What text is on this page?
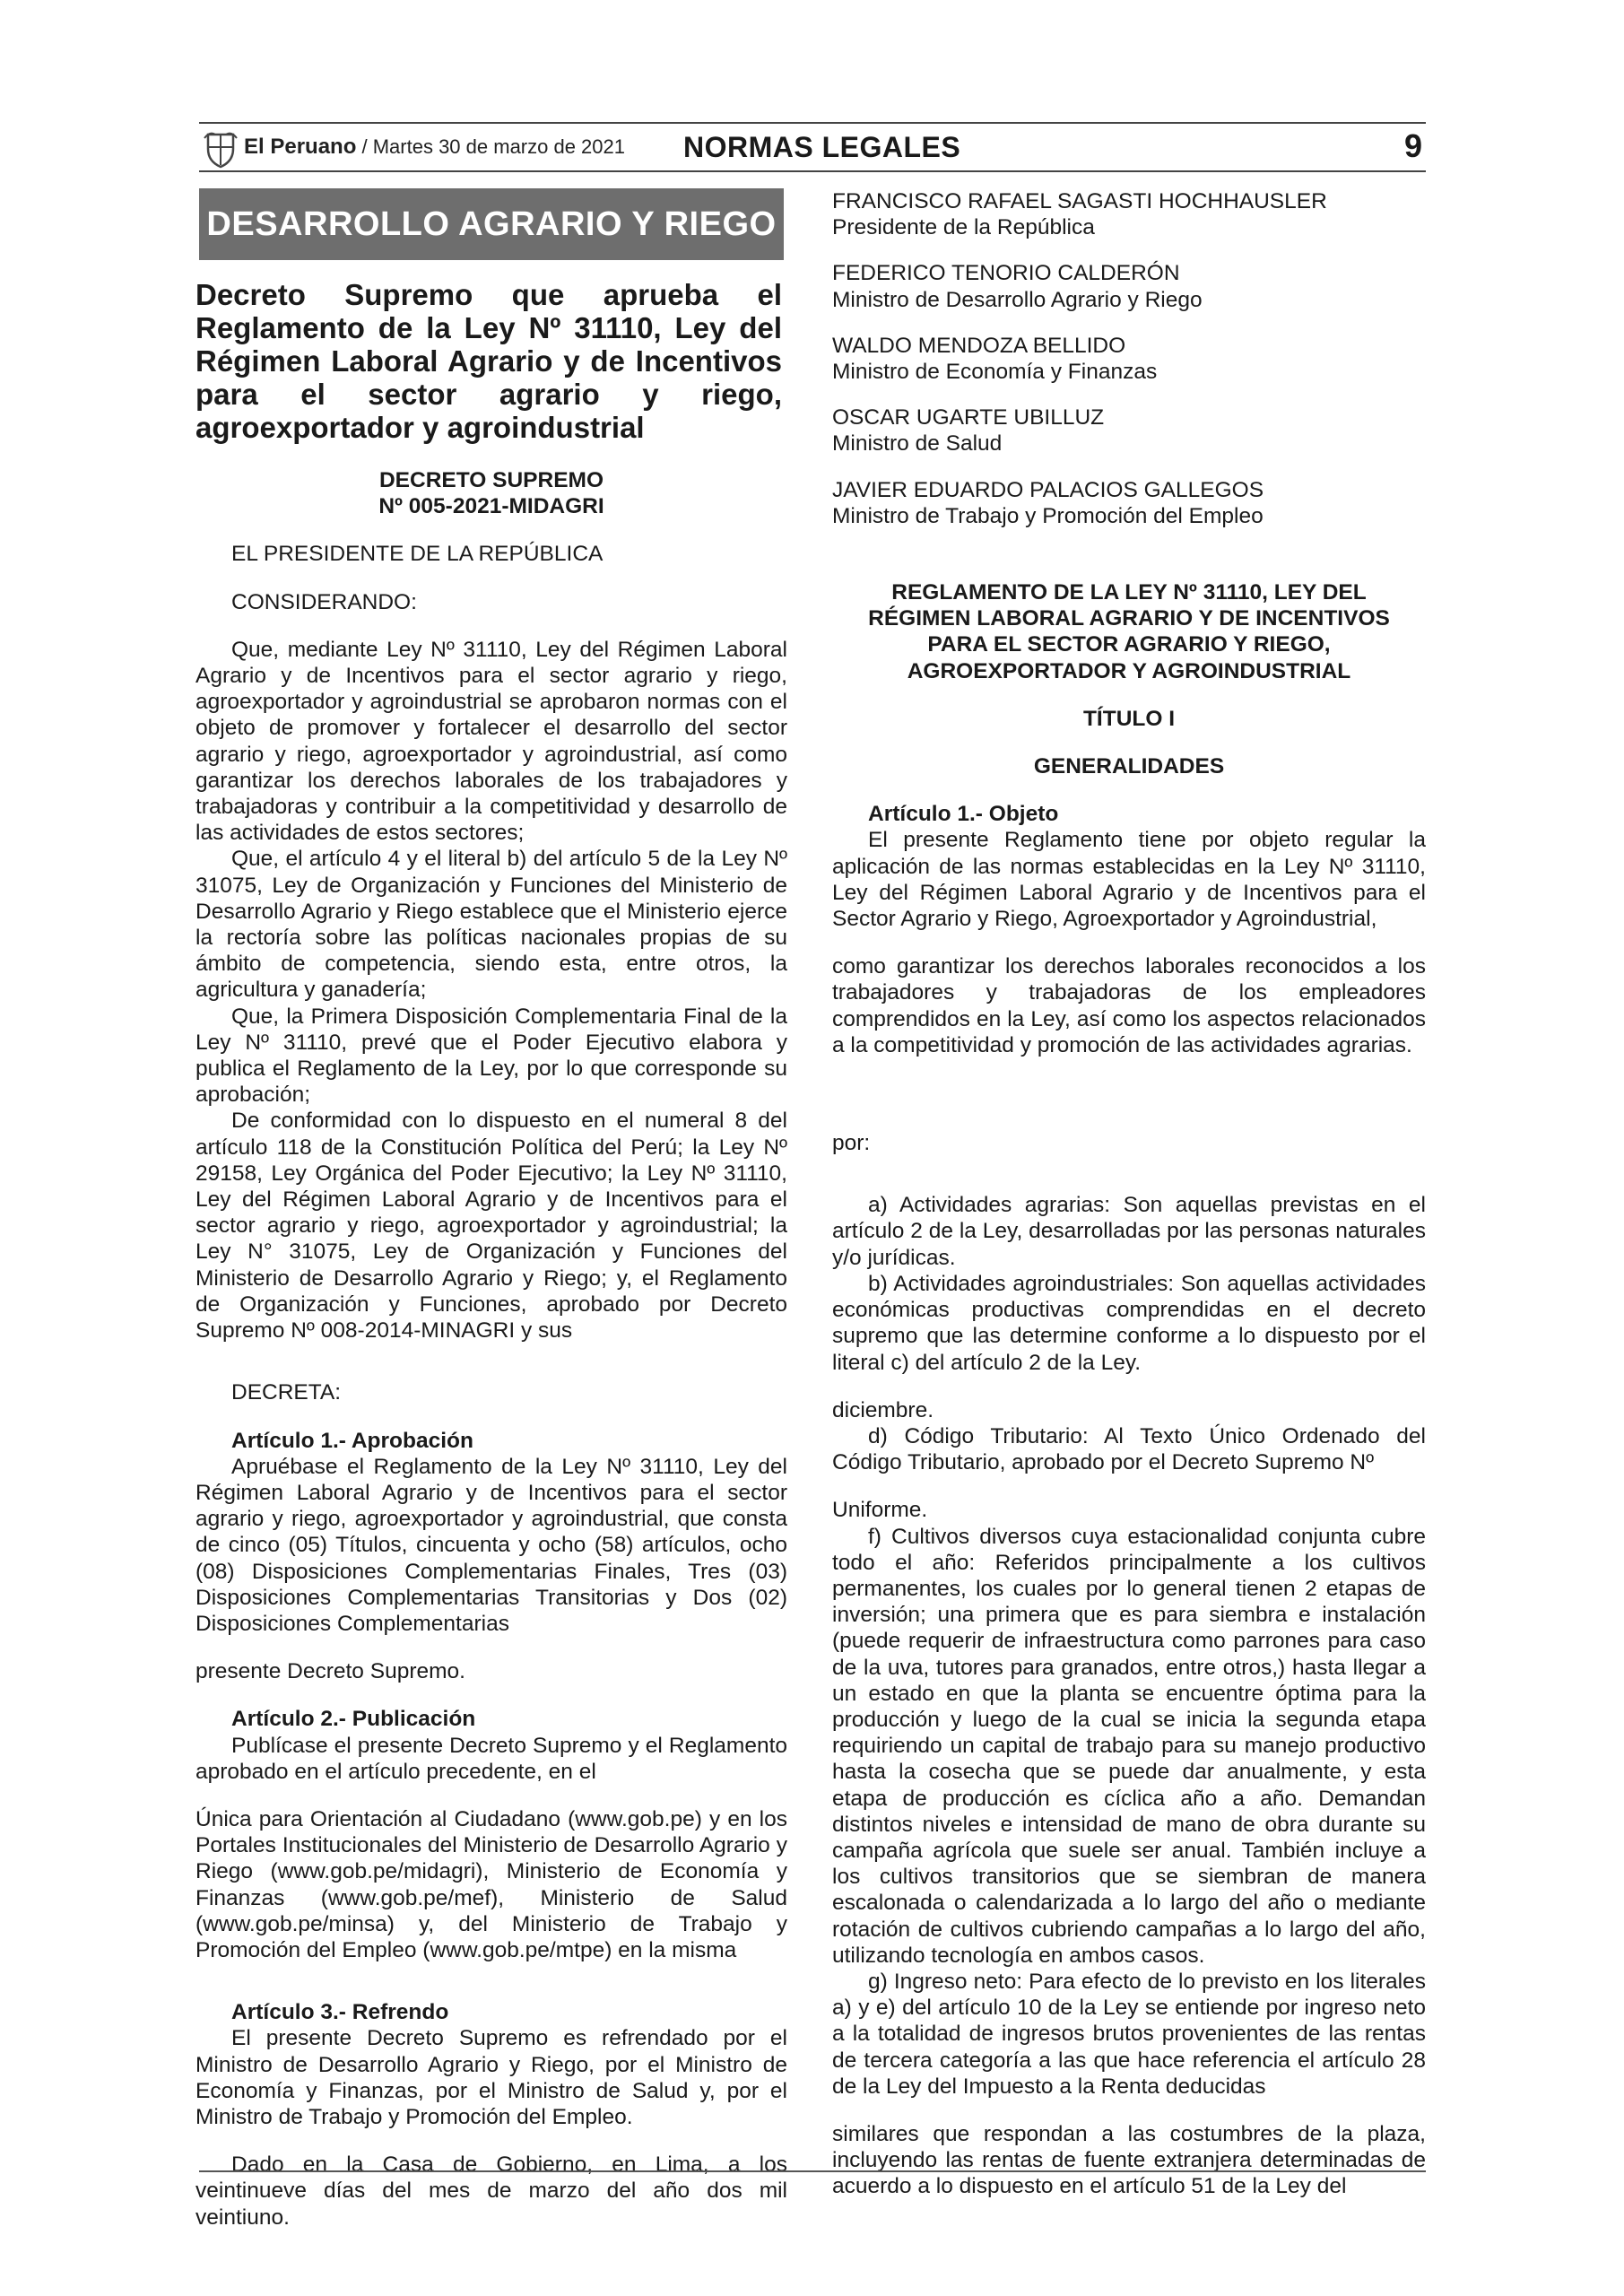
El Peruano / Martes 30 de marzo de 2021 NORMAS LEGALES	9
DESARROLLO AGRARIO Y RIEGO
Decreto Supremo que aprueba el Reglamento de la Ley Nº 31110, Ley del Régimen Laboral Agrario y de Incentivos para el sector agrario y riego, agroexportador y agroindustrial

DECRETO SUPREMO

Nº 005-2021-MIDAGRI

EL PRESIDENTE DE LA REPÚBLICA

CONSIDERANDO:

Que, mediante Ley Nº 31110, Ley del Régimen Laboral Agrario y de Incentivos para el sector agrario y riego, agroexportador y agroindustrial se aprobaron normas con el objeto de promover y fortalecer el desarrollo del sector agrario y riego, agroexportador y agroindustrial, así como garantizar los derechos laborales de los trabajadores y trabajadoras y contribuir a la competitividad y desarrollo de las actividades de estos sectores;

Que, el artículo 4 y el literal b) del artículo 5 de la Ley Nº 31075, Ley de Organización y Funciones del Ministerio de Desarrollo Agrario y Riego establece que el Ministerio ejerce la rectoría sobre las políticas nacionales propias de su ámbito de competencia, siendo esta, entre otros, la agricultura y ganadería;

Que, la Primera Disposición Complementaria Final de la Ley Nº 31110, prevé que el Poder Ejecutivo elabora y publica el Reglamento de la Ley, por lo que corresponde su aprobación;

De conformidad con lo dispuesto en el numeral 8 del artículo 118 de la Constitución Política del Perú; la Ley Nº 29158, Ley Orgánica del Poder Ejecutivo; la Ley Nº 31110, Ley del Régimen Laboral Agrario y de Incentivos para el sector agrario y riego, agroexportador y agroindustrial; la Ley N° 31075, Ley de Organización y Funciones del Ministerio de Desarrollo Agrario y Riego; y, el Reglamento de Organización y Funciones, aprobado por Decreto Supremo Nº 008-2014-MINAGRI y sus

DECRETA:

Artículo 1.- Aprobación

Apruébase el Reglamento de la Ley Nº 31110, Ley del Régimen Laboral Agrario y de Incentivos para el sector agrario y riego, agroexportador y agroindustrial, que consta de cinco (05) Títulos, cincuenta y ocho (58) artículos, ocho (08) Disposiciones Complementarias Finales, Tres (03) Disposiciones Complementarias Transitorias y Dos (02) Disposiciones Complementarias

presente Decreto Supremo.

Artículo 2.- Publicación

Publícase el presente Decreto Supremo y el Reglamento aprobado en el artículo precedente, en el

Única para Orientación al Ciudadano (www.gob.pe) y en los Portales Institucionales del Ministerio de Desarrollo Agrario y Riego (www.gob.pe/midagri), Ministerio de Economía y Finanzas (www.gob.pe/mef), Ministerio de Salud (www.gob.pe/minsa) y, del Ministerio de Trabajo y Promoción del Empleo (www.gob.pe/mtpe) en la misma

Artículo 3.- Refrendo

El presente Decreto Supremo es refrendado por el Ministro de Desarrollo Agrario y Riego, por el Ministro de Economía y Finanzas, por el Ministro de Salud y, por el Ministro de Trabajo y Promoción del Empleo.

Dado en la Casa de Gobierno, en Lima, a los veintinueve días del mes de marzo del año dos mil veintiuno.

FRANCISCO RAFAEL SAGASTI HOCHHAUSLER

Presidente de la República

FEDERICO TENORIO CALDERÓN

Ministro de Desarrollo Agrario y Riego

WALDO MENDOZA BELLIDO

Ministro de Economía y Finanzas

OSCAR UGARTE UBILLUZ

Ministro de Salud

JAVIER EDUARDO PALACIOS GALLEGOS

Ministro de Trabajo y Promoción del Empleo

REGLAMENTO DE LA LEY Nº 31110, LEY DEL RÉGIMEN LABORAL AGRARIO Y DE INCENTIVOS PARA EL SECTOR AGRARIO Y RIEGO, AGROEXPORTADOR Y AGROINDUSTRIAL

TÍTULO I

GENERALIDADES

Artículo 1.- Objeto

El presente Reglamento tiene por objeto regular la aplicación de las normas establecidas en la Ley Nº 31110, Ley del Régimen Laboral Agrario y de Incentivos para el Sector Agrario y Riego, Agroexportador y Agroindustrial,

como garantizar los derechos laborales reconocidos a los trabajadores y trabajadoras de los empleadores comprendidos en la Ley, así como los aspectos relacionados a la competitividad y promoción de las actividades agrarias.

por:

a) Actividades agrarias: Son aquellas previstas en el artículo 2 de la Ley, desarrolladas por las personas naturales y/o jurídicas.

b) Actividades agroindustriales: Son aquellas actividades económicas productivas comprendidas en el decreto supremo que las determine conforme a lo dispuesto por el literal c) del artículo 2 de la Ley.

diciembre.

d) Código Tributario: Al Texto Único Ordenado del Código Tributario, aprobado por el Decreto Supremo Nº

Uniforme.

f) Cultivos diversos cuya estacionalidad conjunta cubre todo el año: Referidos principalmente a los cultivos permanentes, los cuales por lo general tienen 2 etapas de inversión; una primera que es para siembra e instalación (puede requerir de infraestructura como parrones para caso de la uva, tutores para granados, entre otros,) hasta llegar a un estado en que la planta se encuentre óptima para la producción y luego de la cual se inicia la segunda etapa requiriendo un capital de trabajo para su manejo productivo hasta la cosecha que se puede dar anualmente, y esta etapa de producción es cíclica año a año. Demandan distintos niveles e intensidad de mano de obra durante su campaña agrícola que suele ser anual. También incluye a los cultivos transitorios que se siembran de manera escalonada o calendarizada a lo largo del año o mediante rotación de cultivos cubriendo campañas a lo largo del año, utilizando tecnología en ambos casos.

g) Ingreso neto: Para efecto de lo previsto en los literales a) y e) del artículo 10 de la Ley se entiende por ingreso neto a la totalidad de ingresos brutos provenientes de las rentas de tercera categoría a las que hace referencia el artículo 28 de la Ley del Impuesto a la Renta deducidas

similares que respondan a las costumbres de la plaza, incluyendo las rentas de fuente extranjera determinadas de acuerdo a lo dispuesto en el artículo 51 de la Ley del
